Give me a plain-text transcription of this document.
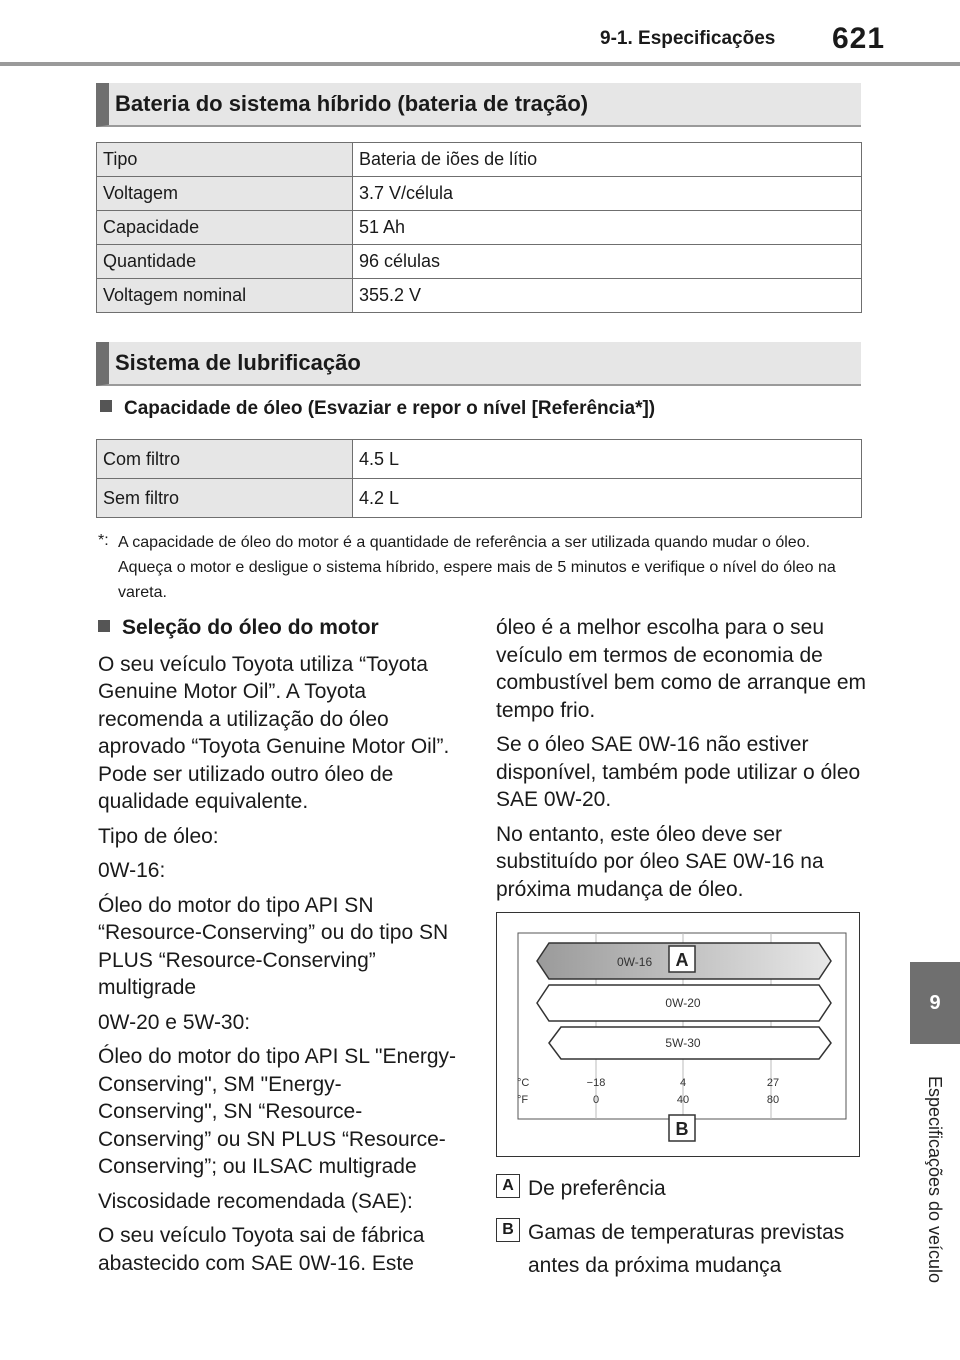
9-1. Especificações 621
9
Especificações do veículo
Bateria do sistema híbrido (bateria de tração)
Tipo	Bateria de iões de lítio
Voltagem	3.7 V/célula
Capacidade	51 Ah
Quantidade	96 células
Voltagem nominal	355.2 V
Sistema de lubrificação
Capacidade de óleo (Esvaziar e repor o nível [Referência*])
Com filtro	4.5 L
Sem filtro	4.2 L
*: A capacidade de óleo do motor é a quantidade de referência a ser utilizada quando mudar o óleo. Aqueça o motor e desligue o sistema híbrido, espere mais de 5 minutos e verifique o nível do óleo na vareta.

Seleção do óleo do motor

O seu veículo Toyota utiliza “Toyota Genuine Motor Oil”. A Toyota recomenda a utilização do óleo aprovado “Toyota Genuine Motor Oil”. Pode ser utilizado outro óleo de qualidade equivalente.

Tipo de óleo:

0W-16:

Óleo do motor do tipo API SN “Resource-Conserving” ou do tipo SN PLUS “Resource-Conserving” multigrade

0W-20 e 5W-30:

Óleo do motor do tipo API SL "Energy-Conserving", SM "Energy-Conserving", SN “Resource-Conserving” ou SN PLUS “Resource-Conserving”; ou ILSAC multigrade

Viscosidade recomendada (SAE):

O seu veículo Toyota sai de fábrica abastecido com SAE 0W-16. Este

óleo é a melhor escolha para o seu veículo em termos de economia de combustível bem como de arranque em tempo frio.

Se o óleo SAE 0W-16 não estiver disponível, também pode utilizar o óleo SAE 0W-20.

No entanto, este óleo deve ser substituído por óleo SAE 0W-16 na próxima mudança de óleo.

0W-16 A
0W-20
5W-30
°C
°F
−18	4	27
0	40	80
B
A De preferência
B Gamas de temperaturas previstas antes da próxima mudança
